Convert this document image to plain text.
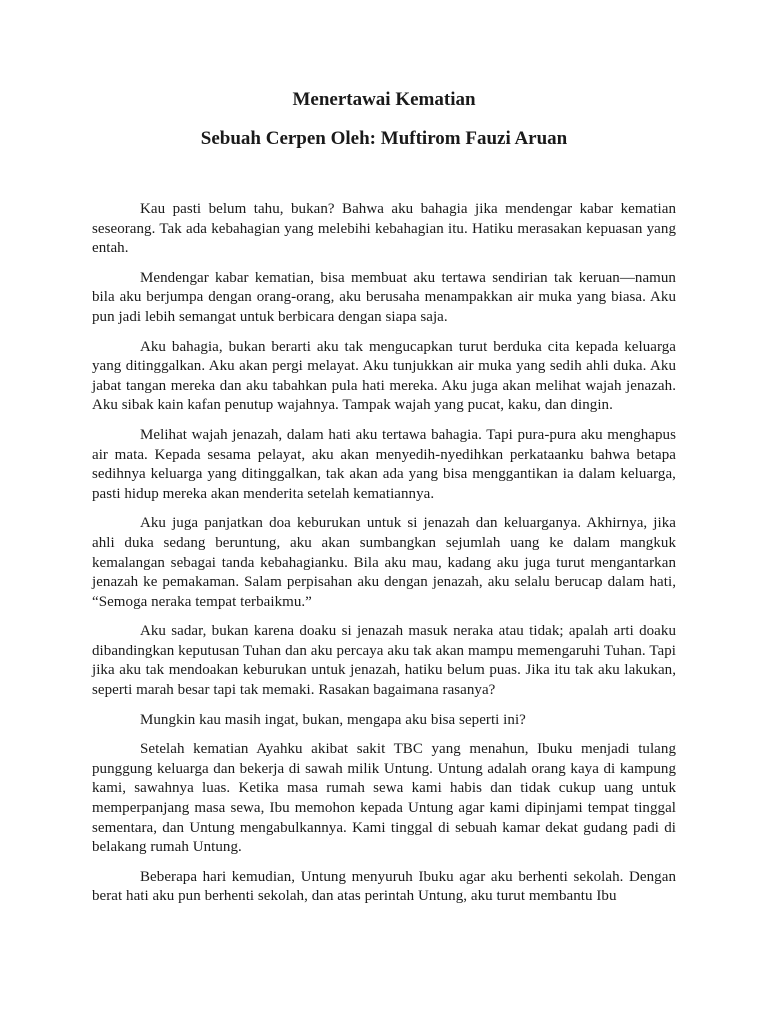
Menertawai Kematian
Sebuah Cerpen Oleh: Muftirom Fauzi Aruan

Kau pasti belum tahu, bukan? Bahwa aku bahagia jika mendengar kabar kematian seseorang. Tak ada kebahagian yang melebihi kebahagian itu. Hatiku merasakan kepuasan yang entah.

Mendengar kabar kematian, bisa membuat aku tertawa sendirian tak keruan—namun bila aku berjumpa dengan orang-orang, aku berusaha menampakkan air muka yang biasa. Aku pun jadi lebih semangat untuk berbicara dengan siapa saja.

Aku bahagia, bukan berarti aku tak mengucapkan turut berduka cita kepada keluarga yang ditinggalkan. Aku akan pergi melayat. Aku tunjukkan air muka yang sedih ahli duka. Aku jabat tangan mereka dan aku tabahkan pula hati mereka. Aku juga akan melihat wajah jenazah. Aku sibak kain kafan penutup wajahnya. Tampak wajah yang pucat, kaku, dan dingin.

Melihat wajah jenazah, dalam hati aku tertawa bahagia. Tapi pura-pura aku menghapus air mata. Kepada sesama pelayat, aku akan menyedih-nyedihkan perkataanku bahwa betapa sedihnya keluarga yang ditinggalkan, tak akan ada yang bisa menggantikan ia dalam keluarga, pasti hidup mereka akan menderita setelah kematiannya.

Aku juga panjatkan doa keburukan untuk si jenazah dan keluarganya. Akhirnya, jika ahli duka sedang beruntung, aku akan sumbangkan sejumlah uang ke dalam mangkuk kemalangan sebagai tanda kebahagianku. Bila aku mau, kadang aku juga turut mengantarkan jenazah ke pemakaman. Salam perpisahan aku dengan jenazah, aku selalu berucap dalam hati, “Semoga neraka tempat terbaikmu.”

Aku sadar, bukan karena doaku si jenazah masuk neraka atau tidak; apalah arti doaku dibandingkan keputusan Tuhan dan aku percaya aku tak akan mampu memengaruhi Tuhan. Tapi jika aku tak mendoakan keburukan untuk jenazah, hatiku belum puas. Jika itu tak aku lakukan, seperti marah besar tapi tak memaki. Rasakan bagaimana rasanya?

Mungkin kau masih ingat, bukan, mengapa aku bisa seperti ini?

Setelah kematian Ayahku akibat sakit TBC yang menahun, Ibuku menjadi tulang punggung keluarga dan bekerja di sawah milik Untung. Untung adalah orang kaya di kampung kami, sawahnya luas. Ketika masa rumah sewa kami habis dan tidak cukup uang untuk memperpanjang masa sewa, Ibu memohon kepada Untung agar kami dipinjami tempat tinggal sementara, dan Untung mengabulkannya. Kami tinggal di sebuah kamar dekat gudang padi di belakang rumah Untung.

Beberapa hari kemudian, Untung menyuruh Ibuku agar aku berhenti sekolah. Dengan berat hati aku pun berhenti sekolah, dan atas perintah Untung, aku turut membantu Ibu
